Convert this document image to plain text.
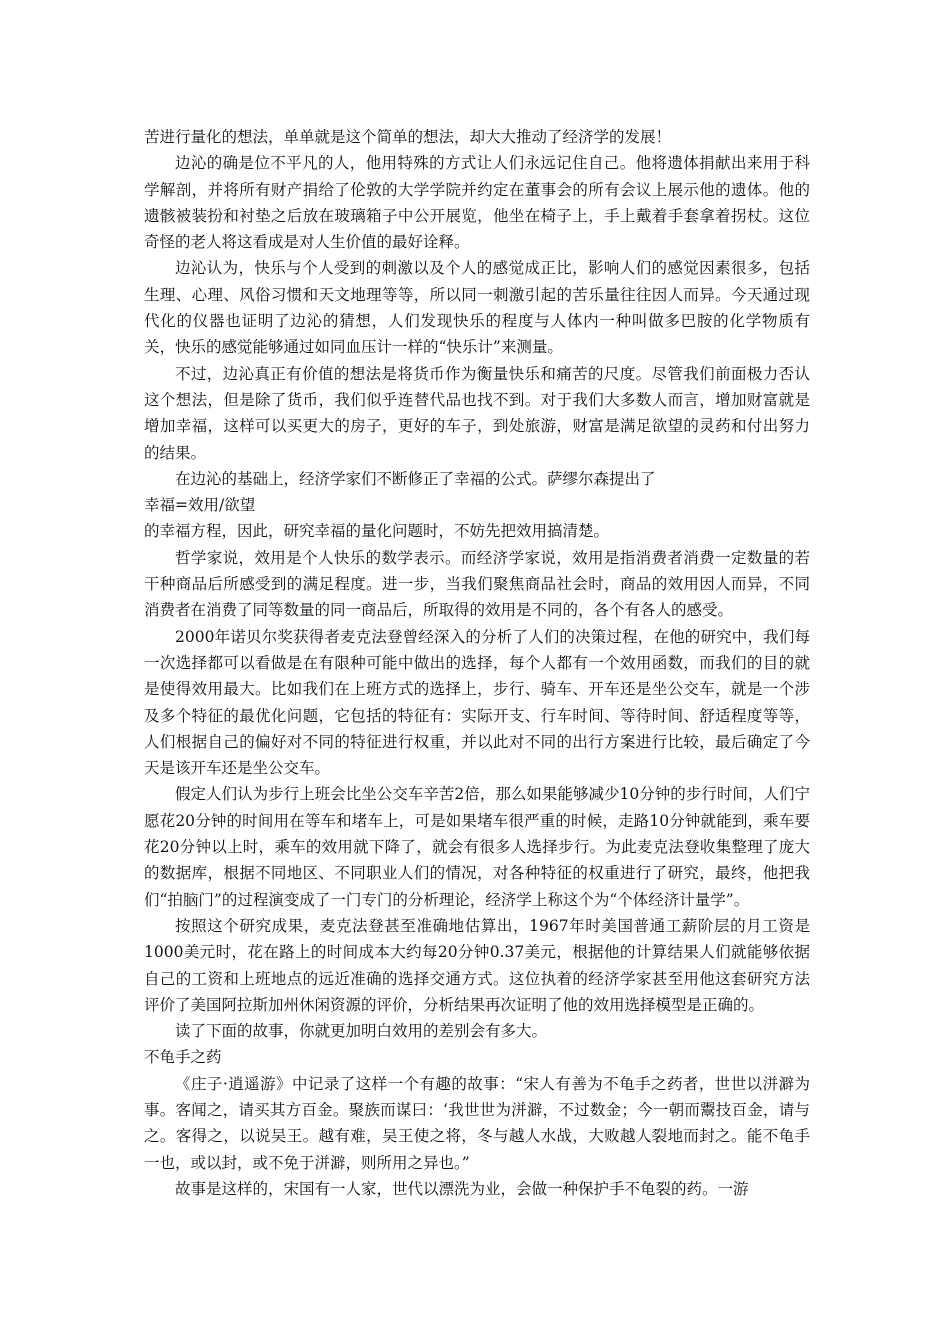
苦进行量化的想法，单单就是这个简单的想法，却大大推动了经济学的发展！

边沁的确是位不平凡的人，他用特殊的方式让人们永远记住自己。他将遗体捐献出来用于科学解剖，并将所有财产捐给了伦敦的大学学院并约定在董事会的所有会议上展示他的遗体。他的遗骸被装扮和衬垫之后放在玻璃箱子中公开展览，他坐在椅子上，手上戴着手套拿着拐杖。这位奇怪的老人将这看成是对人生价值的最好诠释。

边沁认为，快乐与个人受到的刺激以及个人的感觉成正比，影响人们的感觉因素很多，包括生理、心理、风俗习惯和天文地理等等，所以同一刺激引起的苦乐量往往因人而异。今天通过现代化的仪器也证明了边沁的猜想，人们发现快乐的程度与人体内一种叫做多巴胺的化学物质有关，快乐的感觉能够通过如同血压计一样的“快乐计”来测量。

不过，边沁真正有价值的想法是将货币作为衡量快乐和痛苦的尺度。尽管我们前面极力否认这个想法，但是除了货币，我们似乎连替代品也找不到。对于我们大多数人而言，增加财富就是增加幸福，这样可以买更大的房子，更好的车子，到处旅游，财富是满足欲望的灵药和付出努力的结果。

在边沁的基础上，经济学家们不断修正了幸福的公式。萨缪尔森提出了

幸福=效用/欲望

的幸福方程，因此，研究幸福的量化问题时，不妨先把效用搞清楚。

哲学家说，效用是个人快乐的数学表示。而经济学家说，效用是指消费者消费一定数量的若干种商品后所感受到的满足程度。进一步，当我们聚焦商品社会时，商品的效用因人而异，不同消费者在消费了同等数量的同一商品后，所取得的效用是不同的，各个有各人的感受。

2000年诺贝尔奖获得者麦克法登曾经深入的分析了人们的决策过程，在他的研究中，我们每一次选择都可以看做是在有限种可能中做出的选择，每个人都有一个效用函数，而我们的目的就是使得效用最大。比如我们在上班方式的选择上，步行、骑车、开车还是坐公交车，就是一个涉及多个特征的最优化问题，它包括的特征有：实际开支、行车时间、等待时间、舒适程度等等，人们根据自己的偏好对不同的特征进行权重，并以此对不同的出行方案进行比较，最后确定了今天是该开车还是坐公交车。

假定人们认为步行上班会比坐公交车辛苦2倍，那么如果能够减少10分钟的步行时间，人们宁愿花20分钟的时间用在等车和堵车上，可是如果堵车很严重的时候，走路10分钟就能到，乘车要花20分钟以上时，乘车的效用就下降了，就会有很多人选择步行。为此麦克法登收集整理了庞大的数据库，根据不同地区、不同职业人们的情况，对各种特征的权重进行了研究，最终，他把我们“拍脑门”的过程演变成了一门专门的分析理论，经济学上称这个为“个体经济计量学”。

按照这个研究成果，麦克法登甚至准确地估算出，1967年时美国普通工薪阶层的月工资是1000美元时，花在路上的时间成本大约每20分钟0.37美元，根据他的计算结果人们就能够依据自己的工资和上班地点的远近准确的选择交通方式。这位执着的经济学家甚至用他这套研究方法评价了美国阿拉斯加州休闲资源的评价，分析结果再次证明了他的效用选择模型是正确的。

读了下面的故事，你就更加明白效用的差别会有多大。

不龟手之药

《庄子·逍遥游》中记录了这样一个有趣的故事：“宋人有善为不龟手之药者，世世以洴澼为事。客闻之，请买其方百金。聚族而谋曰：‘我世世为洴澼，不过数金；今一朝而鬻技百金，请与之。客得之，以说吴王。越有难，吴王使之将，冬与越人水战，大败越人裂地而封之。能不龟手一也，或以封，或不免于洴澼，则所用之异也。”

故事是这样的，宋国有一人家，世代以漂洗为业，会做一种保护手不龟裂的药。一游
